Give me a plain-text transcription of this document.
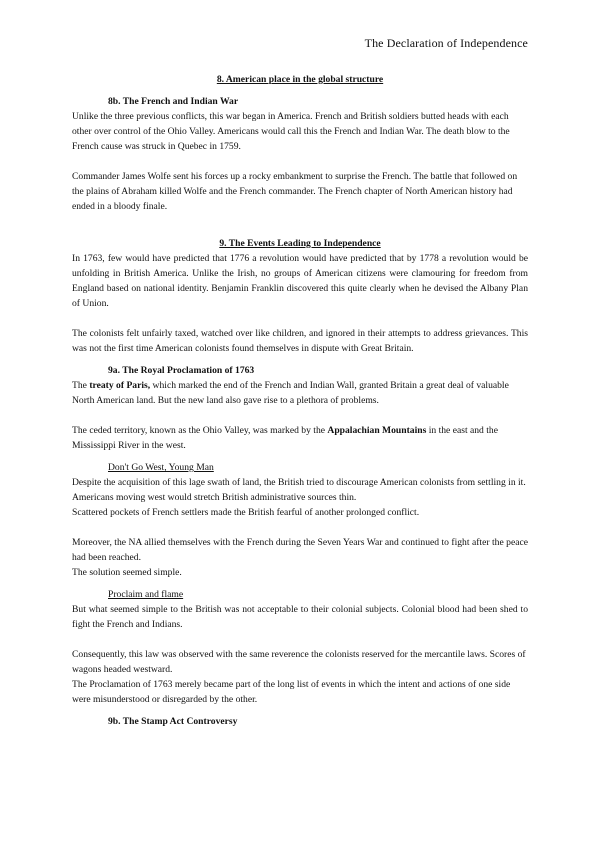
The Declaration of Independence

8. American place in the global structure

8b. The French and Indian War

Unlike the three previous conflicts, this war began in America. French and British soldiers butted heads with each other over control of the Ohio Valley. Americans would call this the French and Indian War. The death blow to the French cause was struck in Quebec in 1759.

Commander James Wolfe sent his forces up a rocky embankment to surprise the French. The battle that followed on the plains of Abraham killed Wolfe and the French commander. The French chapter of North American history had ended in a bloody finale.

9. The Events Leading to Independence

In 1763, few would have predicted that 1776 a revolution would have predicted that by 1778 a revolution would be unfolding in British America. Unlike the Irish, no groups of American citizens were clamouring for freedom from England based on national identity. Benjamin Franklin discovered this quite clearly when he devised the Albany Plan of Union.

The colonists felt unfairly taxed, watched over like children, and ignored in their attempts to address grievances. This was not the first time American colonists found themselves in dispute with Great Britain.

9a. The Royal Proclamation of 1763

The treaty of Paris, which marked the end of the French and Indian Wall, granted Britain a great deal of valuable North American land. But the new land also gave rise to a plethora of problems.

The ceded territory, known as the Ohio Valley, was marked by the Appalachian Mountains in the east and the Mississippi River in the west.

Don't Go West, Young Man

Despite the acquisition of this lage swath of land, the British tried to discourage American colonists from settling in it. Americans moving west would stretch British administrative sources thin.

Scattered pockets of French settlers made the British fearful of another prolonged conflict.

Moreover, the NA allied themselves with the French during the Seven Years War and continued to fight after the peace had been reached.

The solution seemed simple.

Proclaim and flame

But what seemed simple to the British was not acceptable to their colonial subjects. Colonial blood had been shed to fight the French and Indians.

Consequently, this law was observed with the same reverence the colonists reserved for the mercantile laws. Scores of wagons headed westward.

The Proclamation of 1763 merely became part of the long list of events in which the intent and actions of one side were misunderstood or disregarded by the other.

9b. The Stamp Act Controversy
